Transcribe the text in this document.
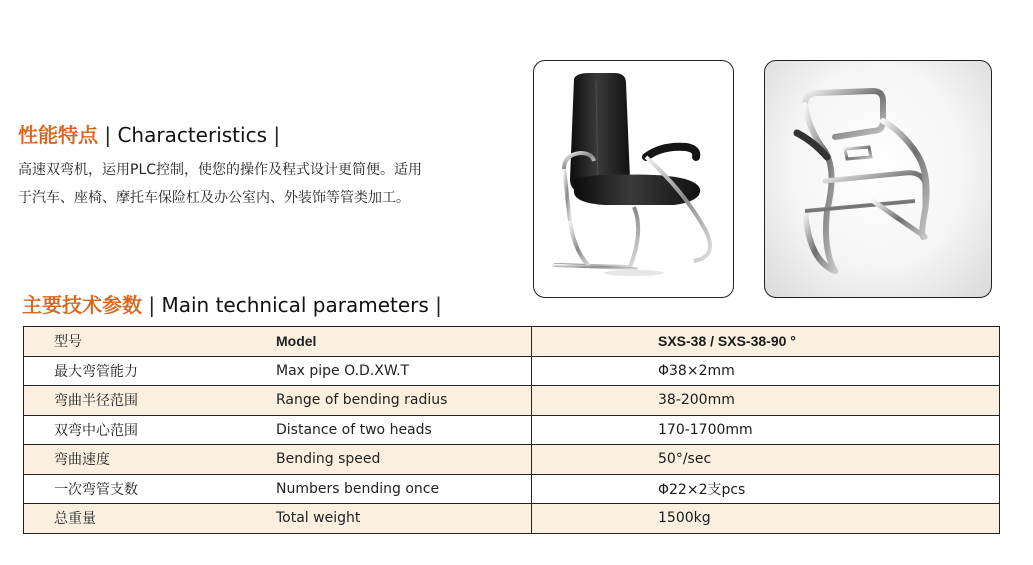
性能特点 | Characteristics |
高速双弯机，运用PLC控制，使您的操作及程式设计更简便。适用
于汽车、座椅、摩托车保险杠及办公室内、外装饰等管类加工。
主要技术参数 | Main technical parameters |
型号	Model	SXS-38 / SXS-38-90 °
最大弯管能力	Max pipe O.D.XW.T	Φ38×2mm
弯曲半径范围	Range of bending radius	38-200mm
双弯中心范围	Distance of two heads	170-1700mm
弯曲速度	Bending speed	50°/sec
一次弯管支数	Numbers bending once	Φ22×2支pcs
总重量	Total weight	1500kg
